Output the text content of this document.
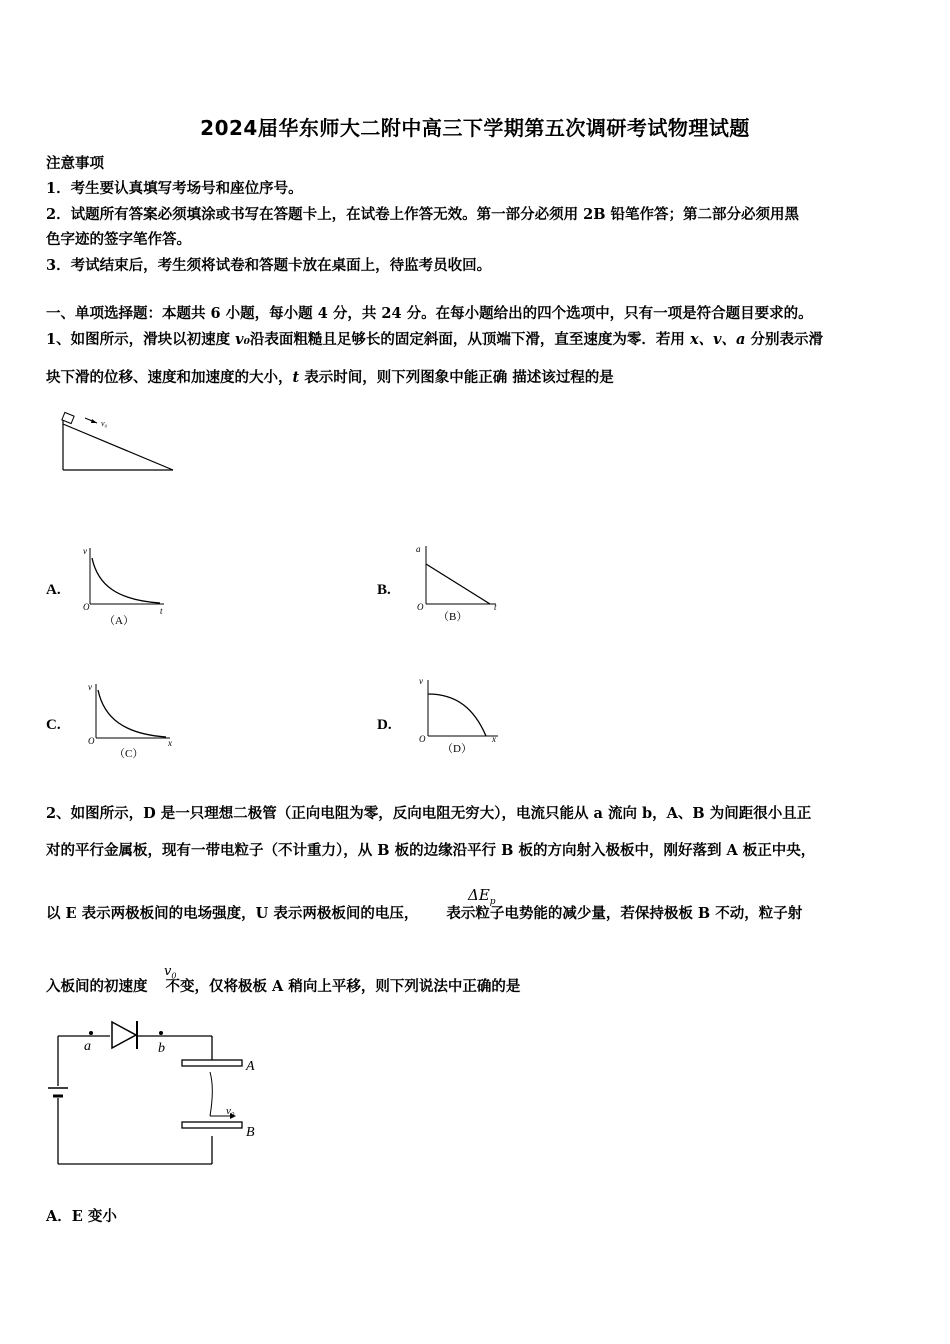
2024届华东师大二附中高三下学期第五次调研考试物理试题
注意事项
1．考生要认真填写考场号和座位序号。
2．试题所有答案必须填涂或书写在答题卡上，在试卷上作答无效。第一部分必须用 2B 铅笔作答；第二部分必须用黑
色字迹的签字笔作答。
3．考试结束后，考生须将试卷和答题卡放在桌面上，待监考员收回。
一、单项选择题：本题共 6 小题，每小题 4 分，共 24 分。在每小题给出的四个选项中，只有一项是符合题目要求的。
1、如图所示，滑块以初速度 v₀沿表面粗糙且足够长的固定斜面，从顶端下滑，直至速度为零．若用 x、v、a 分别表示滑
块下滑的位移、速度和加速度的大小，t 表示时间，则下列图象中能正确 描述该过程的是
v₀
A.
v
O	t
（A）
B.
a
O	t
（B）
C.
v
O	x
（C）
D.
v
O	x
（D）
2、如图所示，D 是一只理想二极管（正向电阻为零，反向电阻无穷大），电流只能从 a 流向 b，A、B 为间距很小且正
对的平行金属板，现有一带电粒子（不计重力），从 B 板的边缘沿平行 B 板的方向射入极板中，刚好落到 A 板正中央，
以 E 表示两极板间的电场强度，U 表示两极板间的电压， 表示粒子电势能的减少量，若保持极板 B 不动，粒子射
$\Delta E_p$
入板间的初速度 不变，仅将极板 A 稍向上平移，则下列说法中正确的是
$v_0$
a	b
A
B
v₀
A．E 变小
